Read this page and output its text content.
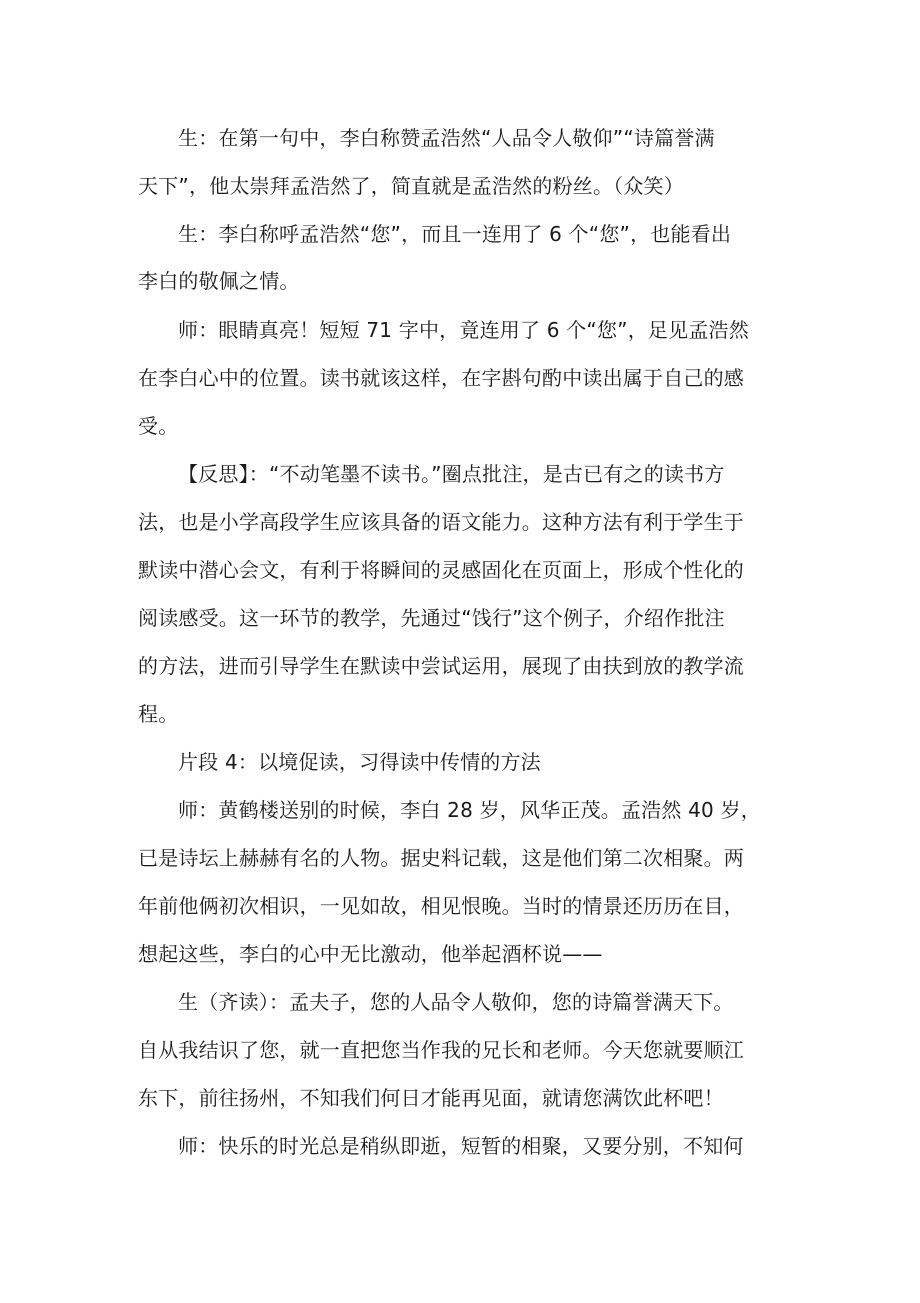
生：在第一句中，李白称赞孟浩然“人品令人敬仰”“诗篇誉满
天下”，他太崇拜孟浩然了，简直就是孟浩然的粉丝。（众笑）
生：李白称呼孟浩然“您”，而且一连用了 6 个“您”，也能看出
李白的敬佩之情。
师：眼睛真亮！短短 71 字中，竟连用了 6 个“您”，足见孟浩然
在李白心中的位置。读书就该这样，在字斟句酌中读出属于自己的感
受。
【反思】：“不动笔墨不读书。”圈点批注，是古已有之的读书方
法，也是小学高段学生应该具备的语文能力。这种方法有利于学生于
默读中潜心会文，有利于将瞬间的灵感固化在页面上，形成个性化的
阅读感受。这一环节的教学，先通过“饯行”这个例子，介绍作批注
的方法，进而引导学生在默读中尝试运用，展现了由扶到放的教学流
程。
片段 4：以境促读，习得读中传情的方法
师：黄鹤楼送别的时候，李白 28 岁，风华正茂。孟浩然 40 岁，
已是诗坛上赫赫有名的人物。据史料记载，这是他们第二次相聚。两
年前他俩初次相识，一见如故，相见恨晚。当时的情景还历历在目，
想起这些，李白的心中无比激动，他举起酒杯说——
生（齐读）：孟夫子，您的人品令人敬仰，您的诗篇誉满天下。
自从我结识了您，就一直把您当作我的兄长和老师。今天您就要顺江
东下，前往扬州，不知我们何日才能再见面，就请您满饮此杯吧！
师：快乐的时光总是稍纵即逝，短暂的相聚，又要分别，不知何
